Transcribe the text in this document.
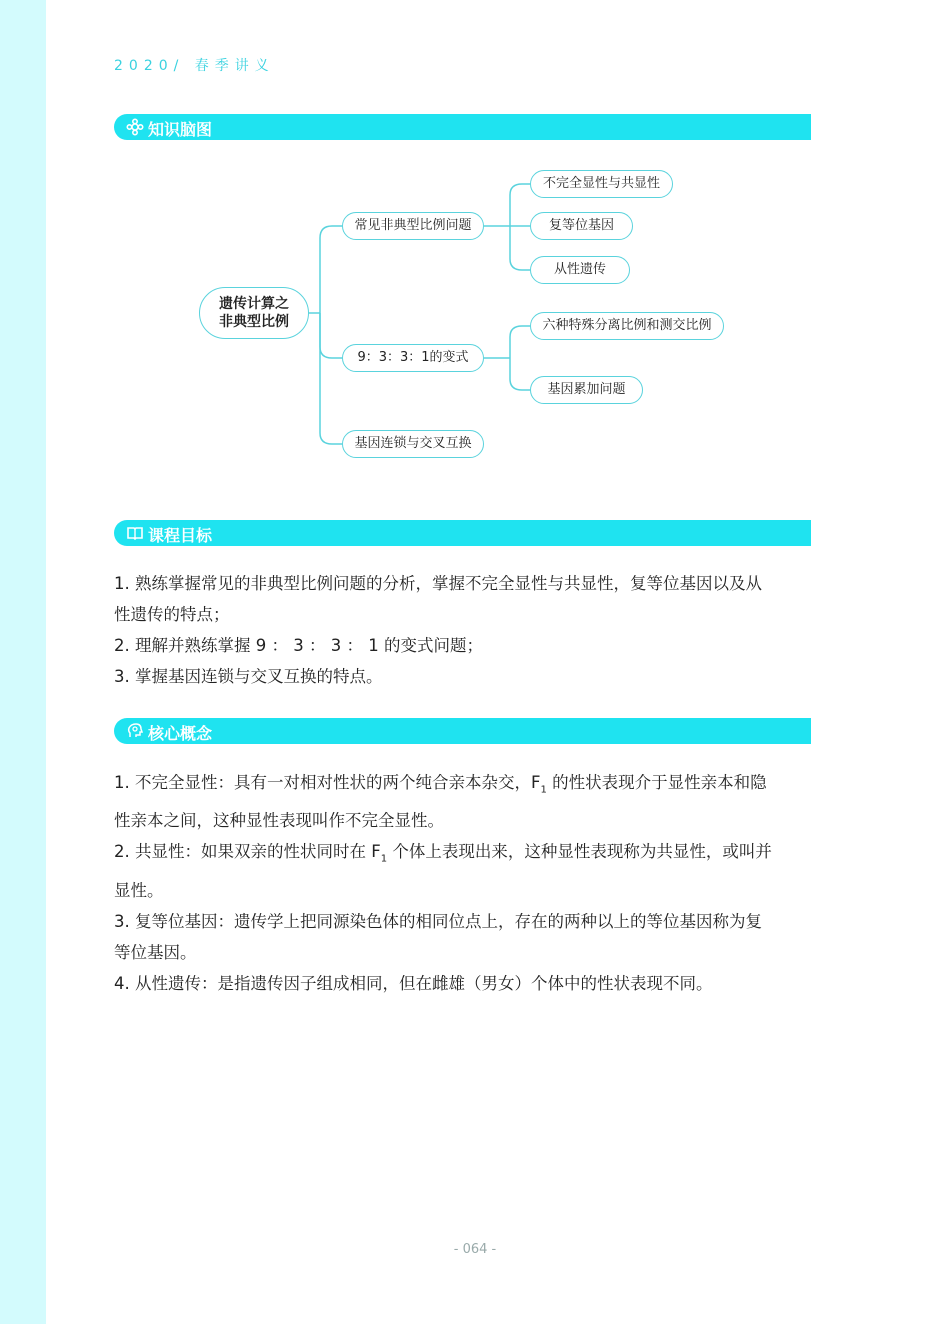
2020/ 春季讲义
知识脑图
遗传计算之
非典型比例
常见非典型比例问题
9：3：3：1的变式
基因连锁与交叉互换
不完全显性与共显性
复等位基因
从性遗传
六种特殊分离比例和测交比例
基因累加问题
课程目标

1. 熟练掌握常见的非典型比例问题的分析，掌握不完全显性与共显性，复等位基因以及从
性遗传的特点；

2. 理解并熟练掌握 9 ： 3 ： 3 ： 1 的变式问题；

3. 掌握基因连锁与交叉互换的特点。

核心概念

1. 不完全显性：具有一对相对性状的两个纯合亲本杂交，$F_1$ 的性状表现介于显性亲本和隐
性亲本之间，这种显性表现叫作不完全显性。

2. 共显性：如果双亲的性状同时在 $F_1$ 个体上表现出来，这种显性表现称为共显性，或叫并
显性。

3. 复等位基因：遗传学上把同源染色体的相同位点上，存在的两种以上的等位基因称为复
等位基因。

4. 从性遗传：是指遗传因子组成相同，但在雌雄（男女）个体中的性状表现不同。

- 064 -
